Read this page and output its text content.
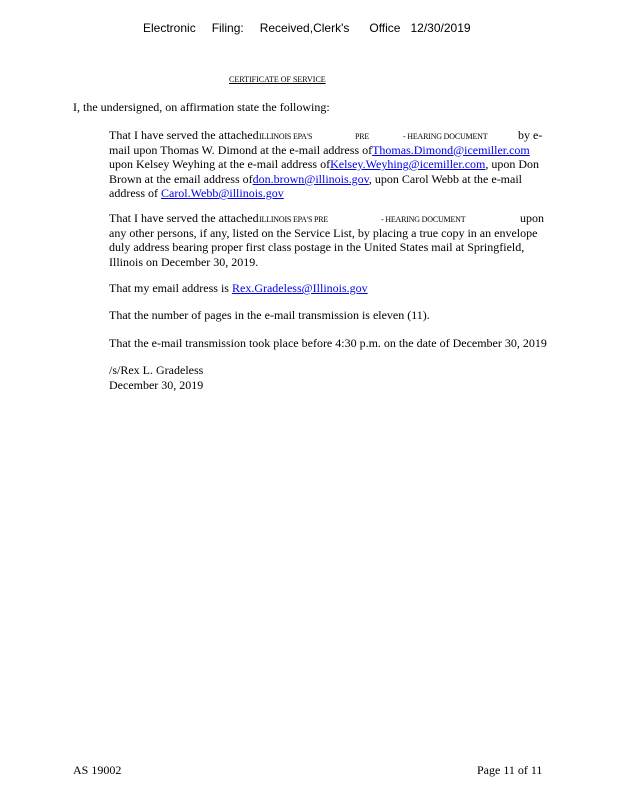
Electronic Filing: Received,Clerk's Office 12/30/2019
CERTIFICATE OF SERVICE
I, the undersigned, on affirmation state the following:
That I have served the attached ILLINOIS EPA'S	PRE	- HEARING DOCUMENT	by e-
mail upon Thomas W. Dimond at the e-mail address ofThomas.Dimond@icemiller.com
upon Kelsey Weyhing at the e-mail address ofKelsey.Weyhing@icemiller.com, upon Don
Brown at the email address ofdon.brown@illinois.gov, upon Carol Webb at the e-mail
address of Carol.Webb@illinois.gov
That I have served the attached ILLINOIS EPA'S PRE	- HEARING DOCUMENT	upon
any other persons, if any, listed on the Service List, by placing a true copy in an envelope
duly address bearing proper first class postage in the United States mail at Springfield,
Illinois on December 30, 2019.
That my email address is Rex.Gradeless@Illinois.gov
That the number of pages in the e-mail transmission is eleven (11).
That the e-mail transmission took place before 4:30 p.m. on the date of December 30, 2019
/s/Rex L. Gradeless
December 30, 2019
AS 19002	Page 11 of 11
